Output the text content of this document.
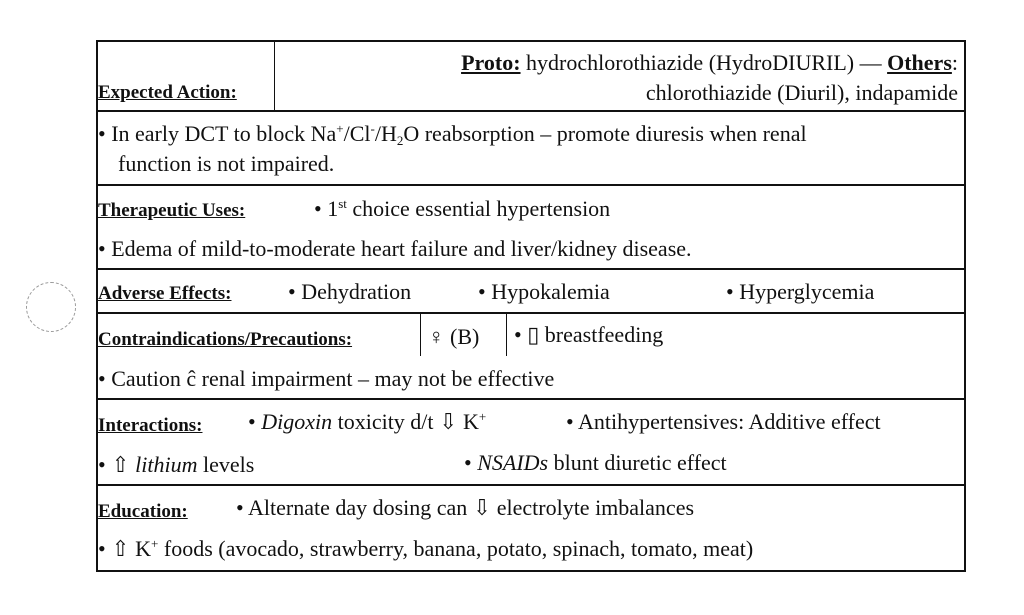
Expected Action:
Proto: hydrochlorothiazide (HydroDIURIL) — Others:
chlorothiazide (Diuril), indapamide
• In early DCT to block $Na^+/Cl^-/H_2O$ reabsorption – promote diuresis when renal
function is not impaired.
Therapeutic Uses:	• 1st choice essential hypertension
• Edema of mild-to-moderate heart failure and liver/kidney disease.
Adverse Effects:	• Dehydration	• Hypokalemia	• Hyperglycemia
Contraindications/Precautions:	♀ (B) • ▯ breastfeeding
• Caution ĉ renal impairment – may not be effective
Interactions: • Digoxin toxicity d/t ⇩ K+	• Antihypertensives: Additive effect
• ⇧ lithium levels	• NSAIDs blunt diuretic effect
Education: • Alternate day dosing can ⇩ electrolyte imbalances
• ⇧ K+ foods (avocado, strawberry, banana, potato, spinach, tomato, meat)
